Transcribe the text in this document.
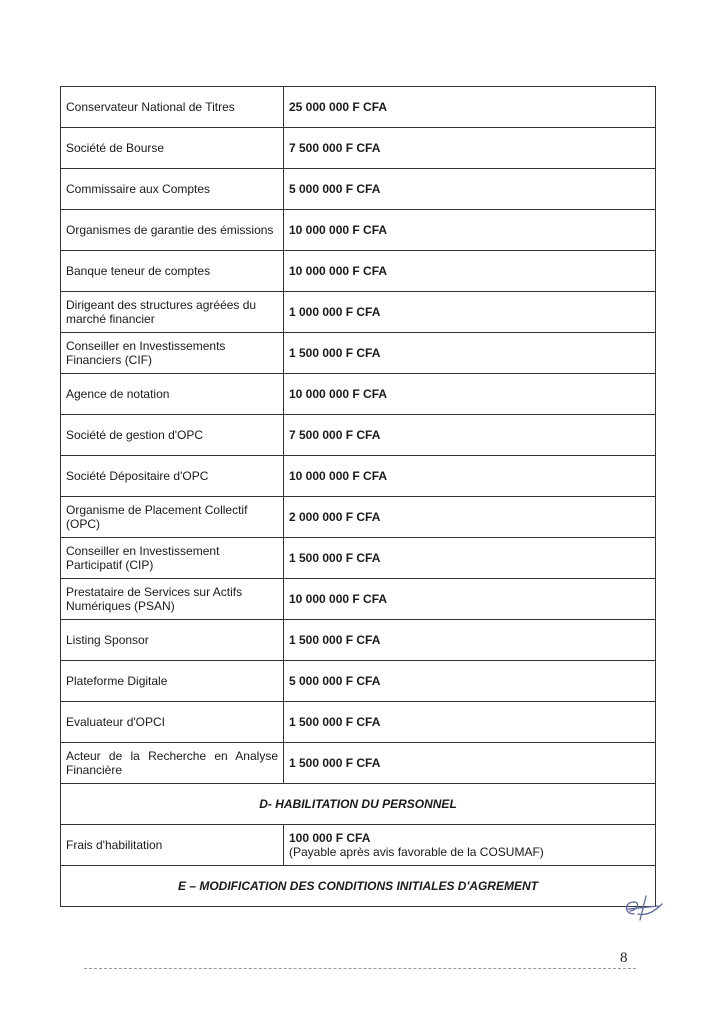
Conservateur National de Titres	25 000 000 F CFA
Société de Bourse	7 500 000 F CFA
Commissaire aux Comptes	5 000 000 F CFA
Organismes de garantie des émissions	10 000 000 F CFA
Banque teneur de comptes	10 000 000 F CFA
Dirigeant des structures agréées du marché financier	1 000 000 F CFA
Conseiller en Investissements Financiers (CIF)	1 500 000 F CFA
Agence de notation	10 000 000 F CFA
Société de gestion d'OPC	7 500 000 F CFA
Société Dépositaire d'OPC	10 000 000 F CFA
Organisme de Placement Collectif (OPC)	2 000 000 F CFA
Conseiller en Investissement Participatif (CIP)	1 500 000 F CFA
Prestataire de Services sur Actifs Numériques (PSAN)	10 000 000 F CFA
Listing Sponsor	1 500 000 F CFA
Plateforme Digitale	5 000 000 F CFA
Evaluateur d'OPCI	1 500 000 F CFA
Acteur de la Recherche en Analyse Financière	1 500 000 F CFA
D- HABILITATION DU PERSONNEL	
Frais d'habilitation	100 000 F CFA
(Payable après avis favorable de la COSUMAF)

E – MODIFICATION DES CONDITIONS INITIALES D'AGREMENT	
8
